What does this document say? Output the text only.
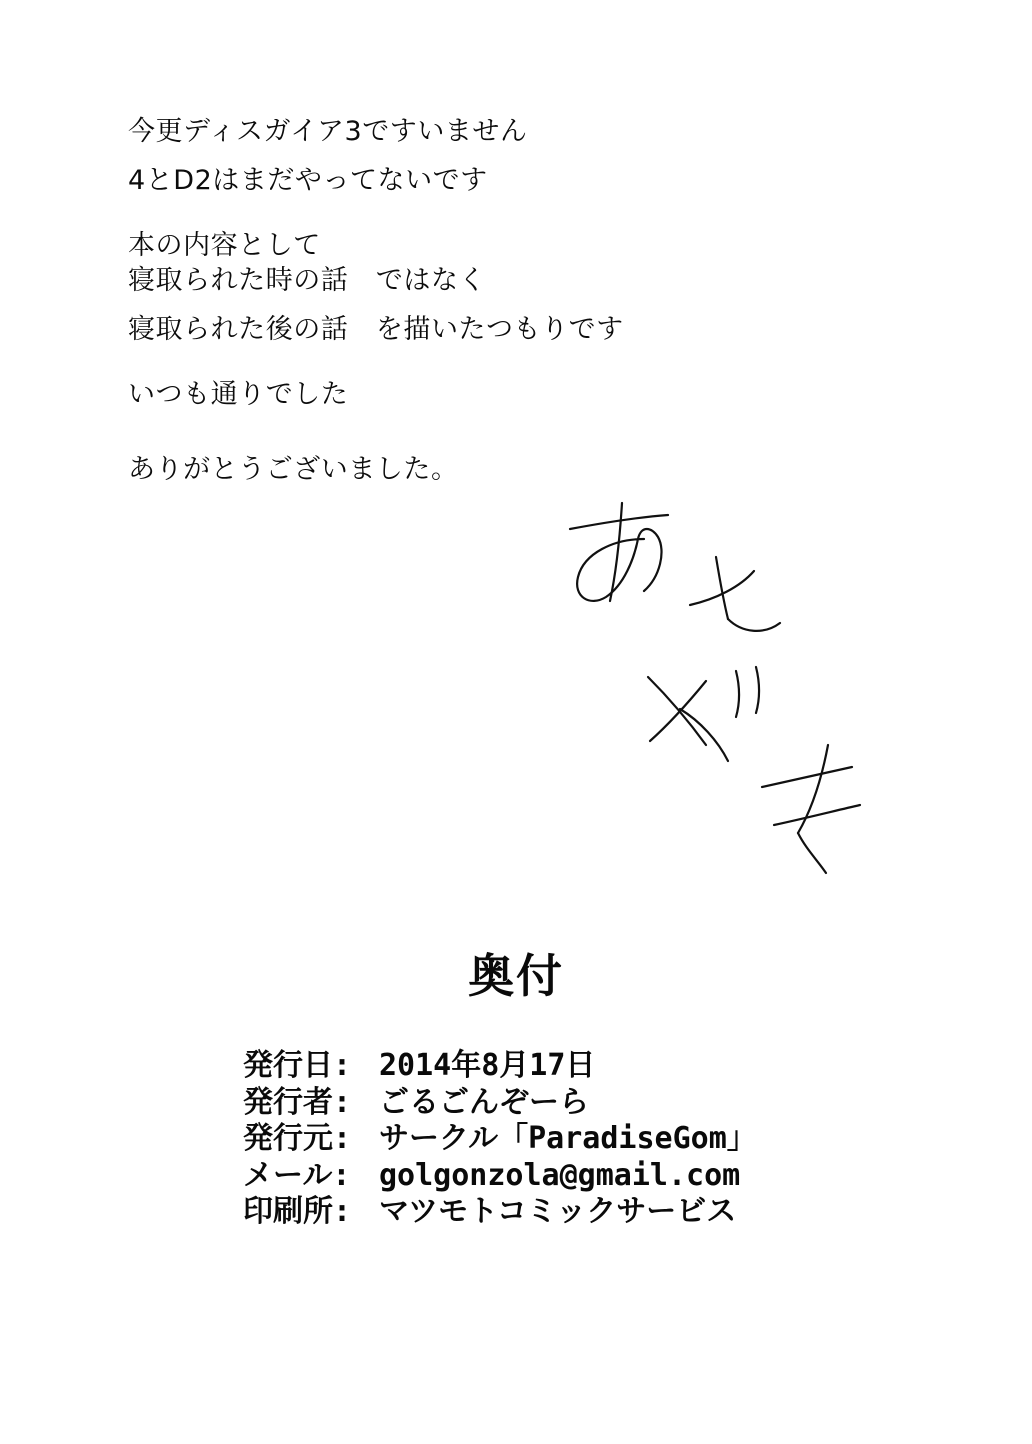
今更ディスガイア3ですいません
4とD2はまだやってないです
本の内容として
寝取られた時の話　ではなく
寝取られた後の話　を描いたつもりです
いつも通りでした
ありがとうございました。
奥付
発行日: 2014年8月17日
発行者: ごるごんぞーら
発行元: サークル「ParadiseGom」
メール: golgonzola@gmail.com
印刷所: マツモトコミックサービス
